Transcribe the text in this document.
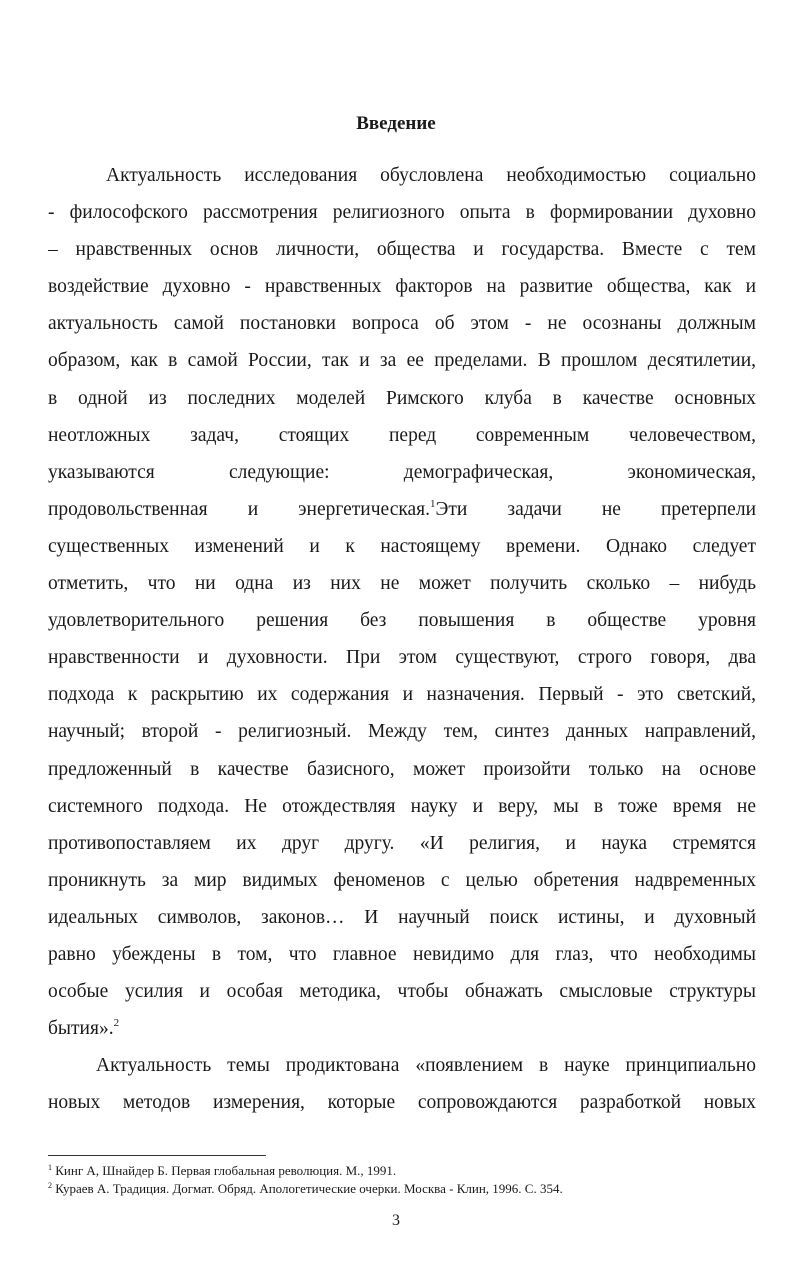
Введение
Актуальность исследования обусловлена необходимостью социально
- философского рассмотрения религиозного опыта в формировании духовно
– нравственных основ личности, общества и государства. Вместе с тем
воздействие духовно - нравственных факторов на развитие общества, как и
актуальность самой постановки вопроса об этом - не осознаны должным
образом, как в самой России, так и за ее пределами. В прошлом десятилетии,
в одной из последних моделей Римского клуба в качестве основных
неотложных задач, стоящих перед современным человечеством,
указываются следующие: демографическая, экономическая,
продовольственная и энергетическая.$^1$Эти задачи не претерпели
существенных изменений и к настоящему времени. Однако следует
отметить, что ни одна из них не может получить сколько – нибудь
удовлетворительного решения без повышения в обществе уровня
нравственности и духовности. При этом существуют, строго говоря, два
подхода к раскрытию их содержания и назначения. Первый - это светский,
научный; второй - религиозный. Между тем, синтез данных направлений,
предложенный в качестве базисного, может произойти только на основе
системного подхода. Не отождествляя науку и веру, мы в тоже время не
противопоставляем их друг другу. «И религия, и наука стремятся
проникнуть за мир видимых феноменов с целью обретения надвременных
идеальных символов, законов… И научный поиск истины, и духовный
равно убеждены в том, что главное невидимо для глаз, что необходимы
особые усилия и особая методика, чтобы обнажать смысловые структуры
бытия».$^2$
Актуальность темы продиктована «появлением в науке принципиально
новых методов измерения, которые сопровождаются разработкой новых
$^1$ Кинг А, Шнайдер Б. Первая глобальная революция. М., 1991.
$^2$ Кураев А. Традиция. Догмат. Обряд. Апологетические очерки. Москва - Клин, 1996. С. 354.
3
